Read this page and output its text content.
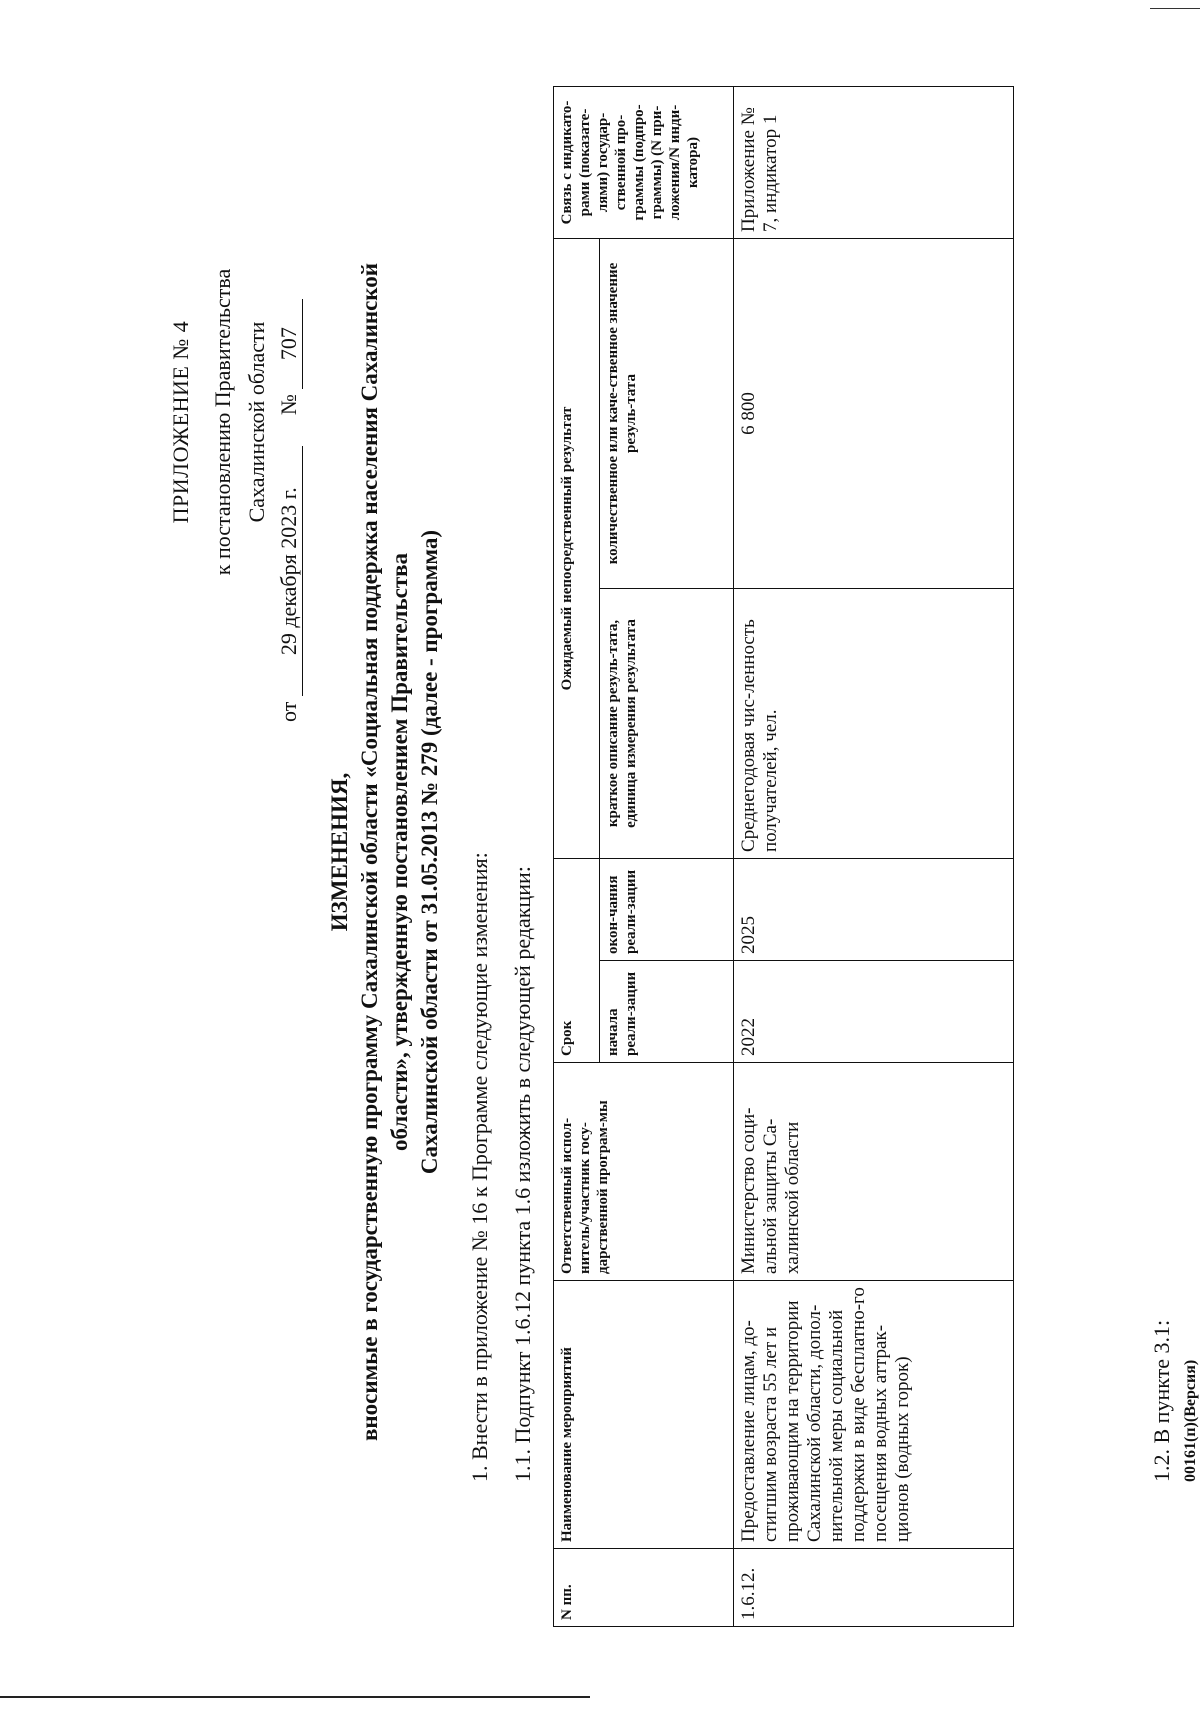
ПРИЛОЖЕНИЕ № 4 к постановлению Правительства Сахалинской области
от 29 декабря 2023 г.  № 707
ИЗМЕНЕНИЯ, вносимые в государственную программу Сахалинской области «Социальная поддержка населения Сахалинской области», утвержденную постановлением Правительства Сахалинской области от 31.05.2013 № 279 (далее - программа) 1. Внести в приложение № 16 к Программе следующие изменения: 1.1. Подпункт 1.6.12 пункта 1.6 изложить в следующей редакции:
N пп.	Наименование мероприятий	Ответственный испол-нитель/участник госу-дарственной програм-мы	Срок		Ожидаемый непосредственный результат		Связь с индикато-рами (показате-лями) государ-ственной про-граммы (подпро-граммы) (N при-ложения/N инди-катора)
			начала реали-зации	окон-чания реали-зации	краткое описание резуль-тата, единица измерения результата	количественное или каче-ственное значение резуль-тата	
1.6.12.	Предоставление лицам, до-стигшим возраста 55 лет и проживающим на территории Сахалинской области, допол-нительной меры социальной поддержки в виде бесплатно-го посещения водных аттрак-ционов (водных горок)	Министерство соци-альной защиты Са-халинской области	2022	2025	Среднегодовая чис-ленность получателей, чел.	6 800	Приложение № 7, индикатор 1
1.2. В пункте 3.1: 00161(п)(Версия)
